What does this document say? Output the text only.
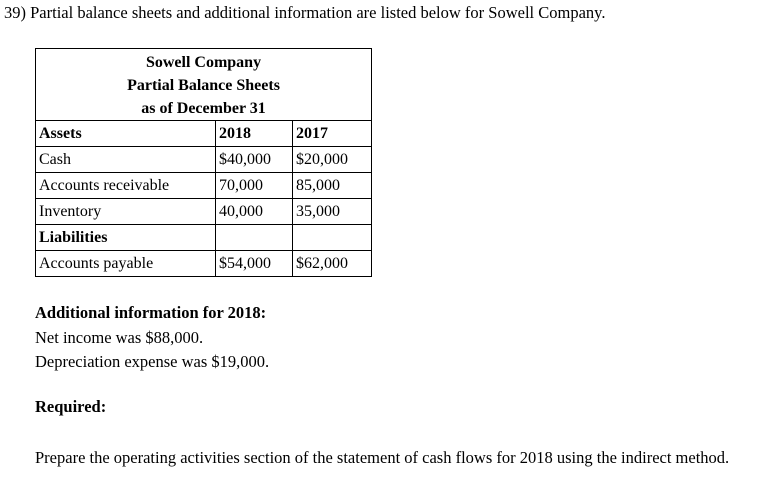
39) Partial balance sheets and additional information are listed below for Sowell Company.
Sowell Company
Partial Balance Sheets
as of December 31		

Assets	2018	2017
Cash	$40,000	$20,000
Accounts receivable	70,000	85,000
Inventory	40,000	35,000
Liabilities		
Accounts payable	$54,000	$62,000
Additional information for 2018:
Net income was $88,000.
Depreciation expense was $19,000.
Required:
Prepare the operating activities section of the statement of cash flows for 2018 using the indirect method.
